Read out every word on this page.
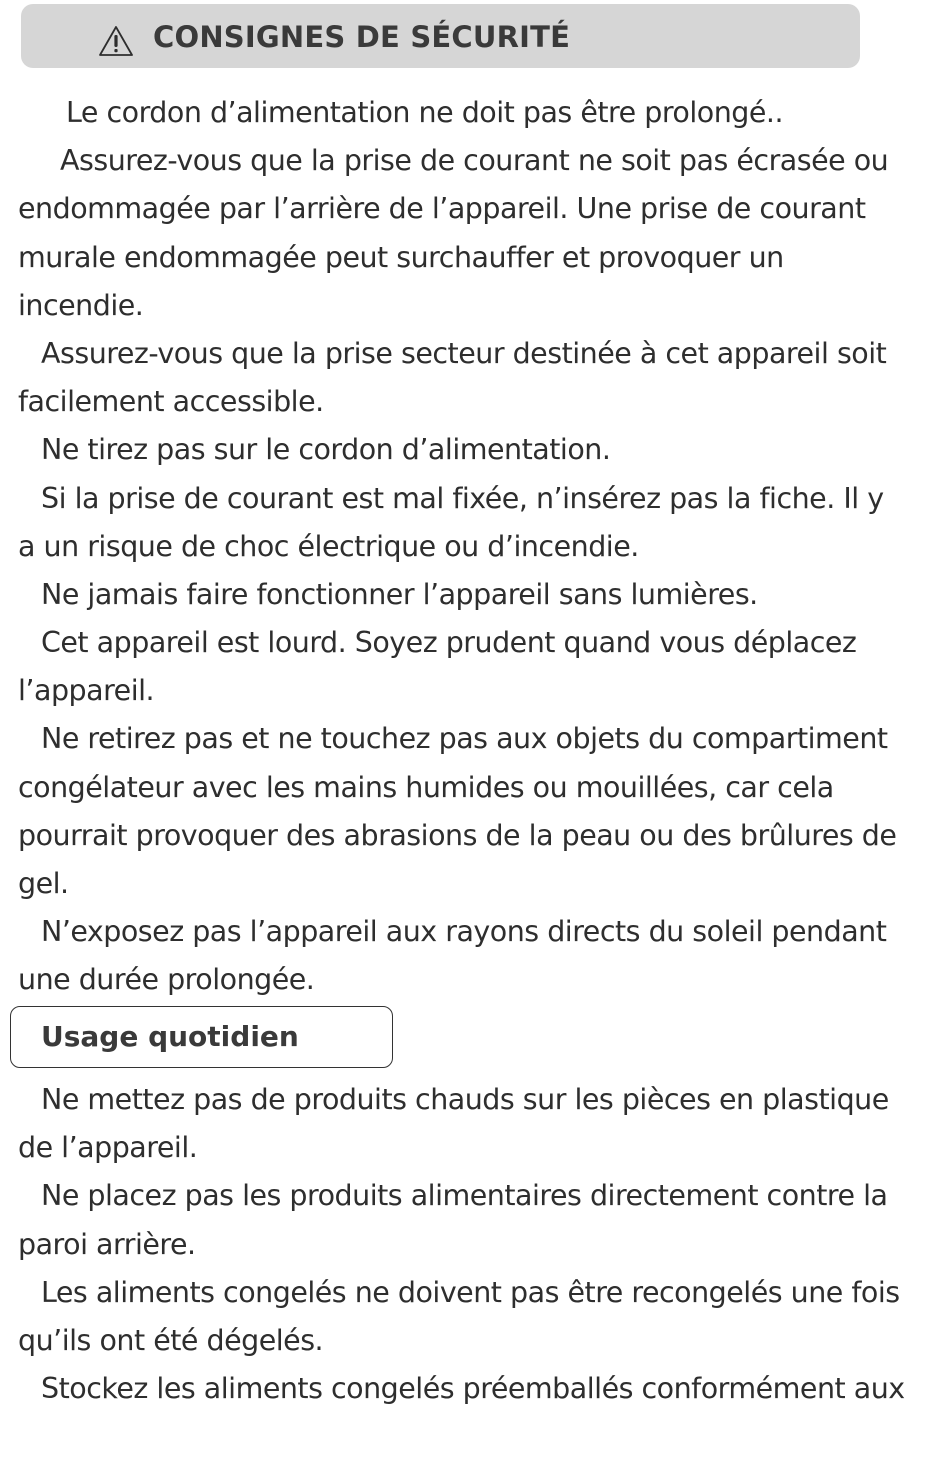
CONSIGNES DE SÉCURITÉ
Le cordon d’alimentation ne doit pas être prolongé..
Assurez-vous que la prise de courant ne soit pas écrasée ou
endommagée par l’arrière de l’appareil. Une prise de courant
murale endommagée peut surchauffer et provoquer un
incendie.
Assurez-vous que la prise secteur destinée à cet appareil soit
facilement accessible.
Ne tirez pas sur le cordon d’alimentation.
Si la prise de courant est mal fixée, n’insérez pas la fiche. Il y
a un risque de choc électrique ou d’incendie.
Ne jamais faire fonctionner l’appareil sans lumières.
Cet appareil est lourd. Soyez prudent quand vous déplacez
l’appareil.
Ne retirez pas et ne touchez pas aux objets du compartiment
congélateur avec les mains humides ou mouillées, car cela
pourrait provoquer des abrasions de la peau ou des brûlures de
gel.
N’exposez pas l’appareil aux rayons directs du soleil pendant
une durée prolongée.
Usage quotidien
Ne mettez pas de produits chauds sur les pièces en plastique
de l’appareil.
Ne placez pas les produits alimentaires directement contre la
paroi arrière.
Les aliments congelés ne doivent pas être recongelés une fois
qu’ils ont été dégelés.
Stockez les aliments congelés préemballés conformément aux
